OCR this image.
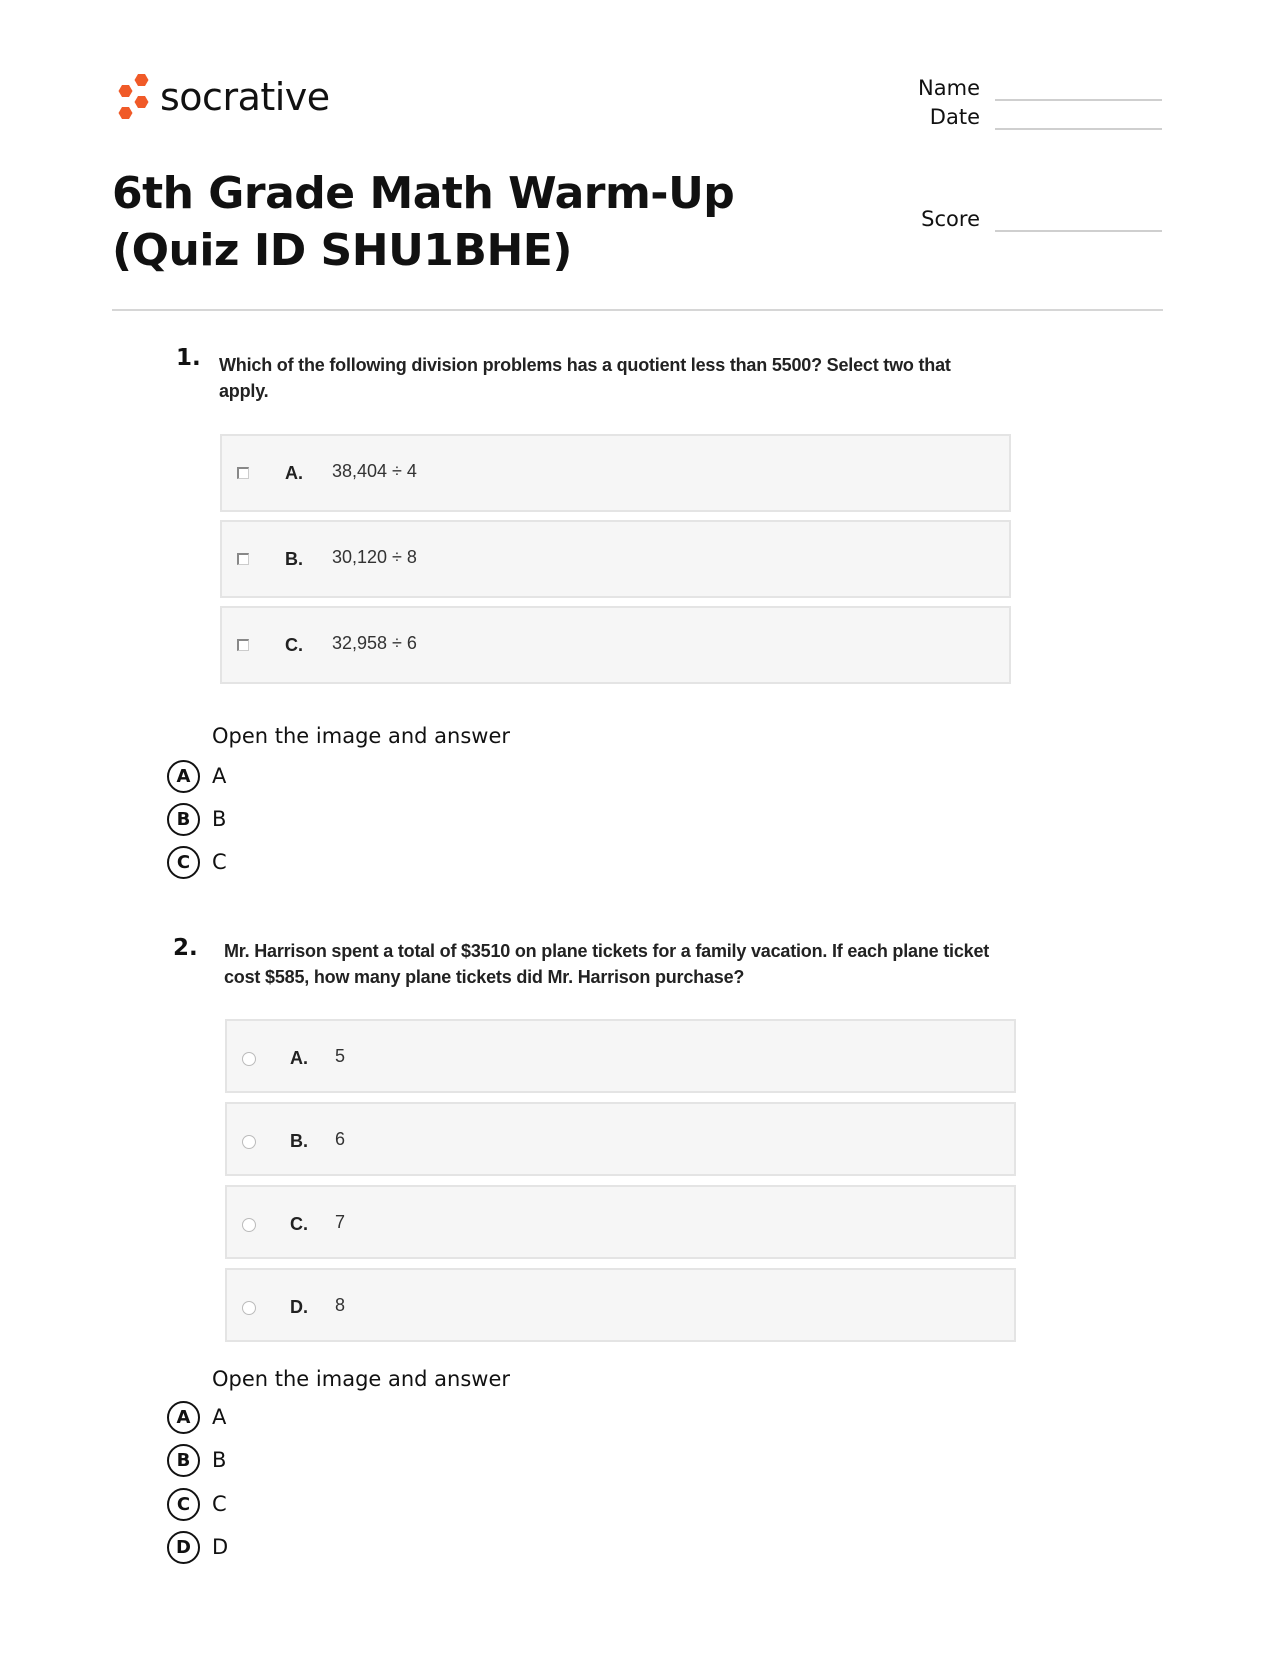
socrative	Name
Date
Score
6th Grade Math Warm-Up (Quiz ID SHU1BHE)
1. Which of the following division problems has a quotient less than 5500? Select two that apply.

A. 38,404 ÷ 4
B. 30,120 ÷ 8
C. 32,958 ÷ 6

Open the image and answer

A	A
B	B
C	C
2. Mr. Harrison spent a total of $3510 on plane tickets for a family vacation. If each plane ticket cost $585, how many plane tickets did Mr. Harrison purchase?

A. 5
B. 6
C. 7
D. 8

Open the image and answer

A	A
B	B
C	C
D	D
